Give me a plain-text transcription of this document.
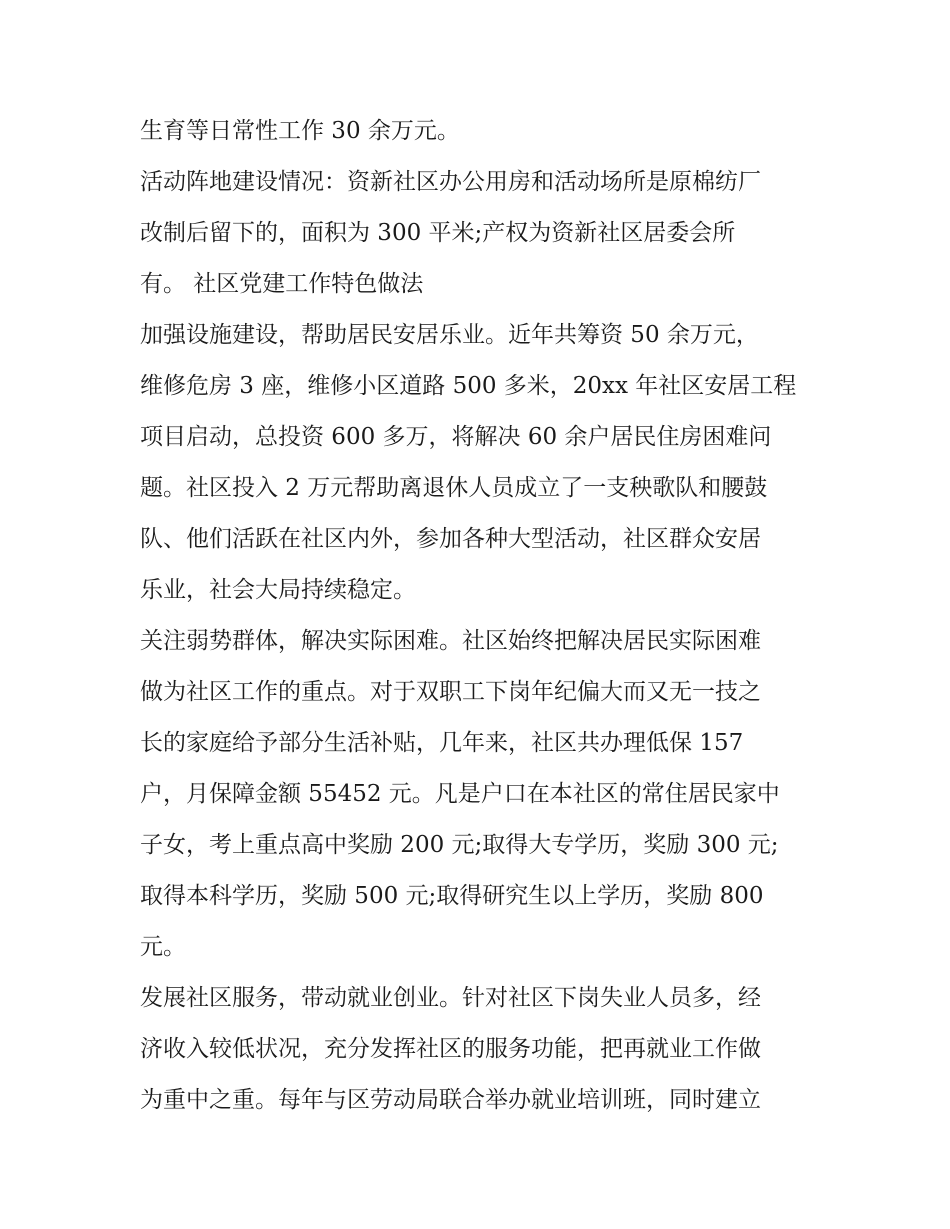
生育等日常性工作 30 余万元。
活动阵地建设情况：资新社区办公用房和活动场所是原棉纺厂
改制后留下的，面积为 300 平米;产权为资新社区居委会所
有。 社区党建工作特色做法
加强设施建设，帮助居民安居乐业。近年共筹资 50 余万元，
维修危房 3 座，维修小区道路 500 多米，20xx 年社区安居工程
项目启动，总投资 600 多万，将解决 60 余户居民住房困难问
题。社区投入 2 万元帮助离退休人员成立了一支秧歌队和腰鼓
队、他们活跃在社区内外，参加各种大型活动，社区群众安居
乐业，社会大局持续稳定。
关注弱势群体，解决实际困难。社区始终把解决居民实际困难
做为社区工作的重点。对于双职工下岗年纪偏大而又无一技之
长的家庭给予部分生活补贴，几年来，社区共办理低保 157
户，月保障金额 55452 元。凡是户口在本社区的常住居民家中
子女，考上重点高中奖励 200 元;取得大专学历，奖励 300 元;
取得本科学历，奖励 500 元;取得研究生以上学历，奖励 800
元。
发展社区服务，带动就业创业。针对社区下岗失业人员多，经
济收入较低状况，充分发挥社区的服务功能，把再就业工作做
为重中之重。每年与区劳动局联合举办就业培训班，同时建立
